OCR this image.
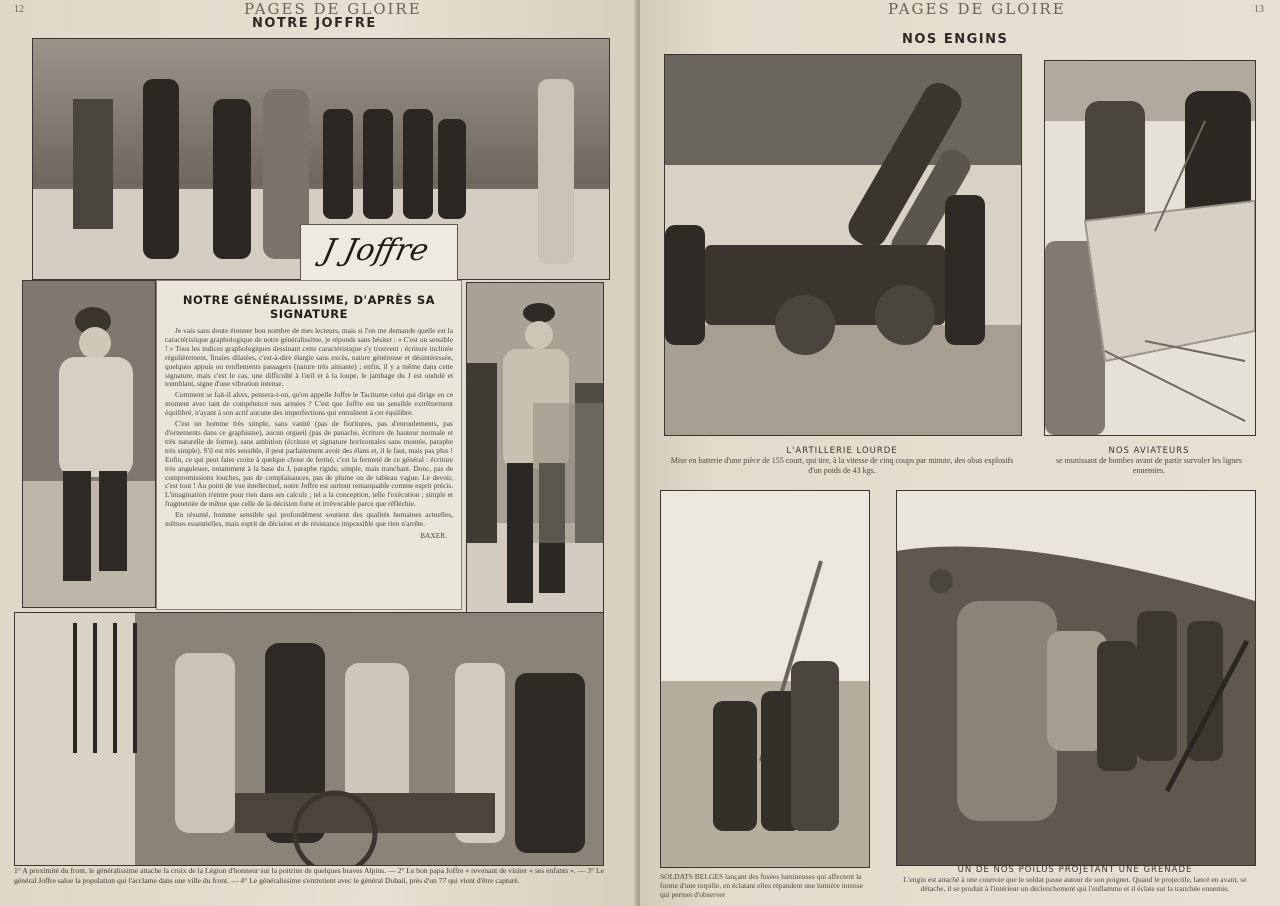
12	PAGES DE GLOIRE
NOTRE JOFFRE
J Joffre
NOTRE GÉNÉRALISSIME, D'APRÈS SA SIGNATURE

Je vais sans doute étonner bon nombre de mes lecteurs, mais si l'on me demande quelle est la caractéristique graphologique de notre généralissime, je réponds sans hésiter : « C'est un sensible ! » Tous les indices graphologiques dessinant cette caractéristique s'y trouvent : écriture inclinée régulièrement, finales dilatées, c'est-à-dire élargie sans excès, nature généreuse et désintéressée, quelques appuis ou renflements passagers (nature très aimante) ; enfin, il y a même dans cette signature, mais c'est le cas, une difficulté à l'œil et à la loupe, le jambage du J est ondulé et tremblant, signe d'une vibration intense.

Comment se fait-il alors, pensera-t-on, qu'on appelle Joffre le Taciturne celui qui dirige en ce moment avec tant de compétence nos armées ? C'est que Joffre est un sensible extrêmement équilibré, n'ayant à son actif aucune des imperfections qui entraînent à cet équilibre.

C'est un homme très simple, sans vanité (pas de fioritures, pas d'enroulements, pas d'ornements dans ce graphisme), aucun orgueil (pas de panache, écriture de hauteur normale et très naturelle de forme), sans ambition (écriture et signature horizontales sans montée, paraphe très simple). S'il est très sensible, il peut parfaitement avoir des élans et, il le faut, mais pas plus ! Enfin, ce qui peut faire croire à quelque chose de fermé, c'est la fermeté de ce général : écriture très anguleuse, notamment à la base du J, paraphe rigide, simple, mais tranchant. Donc, pas de compromissions louches, pas de complaisances, pas de plume ou de tableau vague. Le devoir, c'est tout ! Au point de vue intellectuel, notre Joffre est surtout remarquable comme esprit précis. L'imagination n'entre pour rien dans ses calculs ; tel a la conception, telle l'exécution : simple et fragmentée de même que celle de la décision forte et irrévocable parce que réfléchie.

En résumé, homme sensible qui profondément soutient des qualités humaines actuelles, mêmes essentielles, mais esprit de décision et de résistance impossible que rien n'arrête.

BAXER.

1° A proximité du front, le généralissime attache la croix de la Légion d'honneur sur la poitrine de quelques braves Alpins. — 2° Le bon papa Joffre « revenant de visiter « ses enfants ». — 3° Le général Joffre salue la population qui l'acclame dans une ville du front. — 4° Le généralissime s'entretient avec le général Dubail, près d'un 77 qui vient d'être capturé.
PAGES DE GLOIRE	13
NOS ENGINS
L'ARTILLERIE LOURDE
Mise en batterie d'une pièce de 155 court, qui tire, à la vitesse de cinq coups par minute, des obus explosifs d'un poids de 43 kgs.
NOS AVIATEURS
se munissant de bombes avant de partir survoler les lignes ennemies.
SOLDATS BELGES lançant des fusées lumineuses qui affectent la forme d'une torpille, en éclatant elles répandent une lumière intense qui permet d'observer
UN DE NOS POILUS PROJETANT UNE GRENADE
L'engin est attaché à une courroie que le soldat passe autour de son poignet. Quand le projectile, lancé en avant, se détache, il se produit à l'intérieur un déclenchement qui l'enflamme et il éclate sur la tranchée ennemie.
